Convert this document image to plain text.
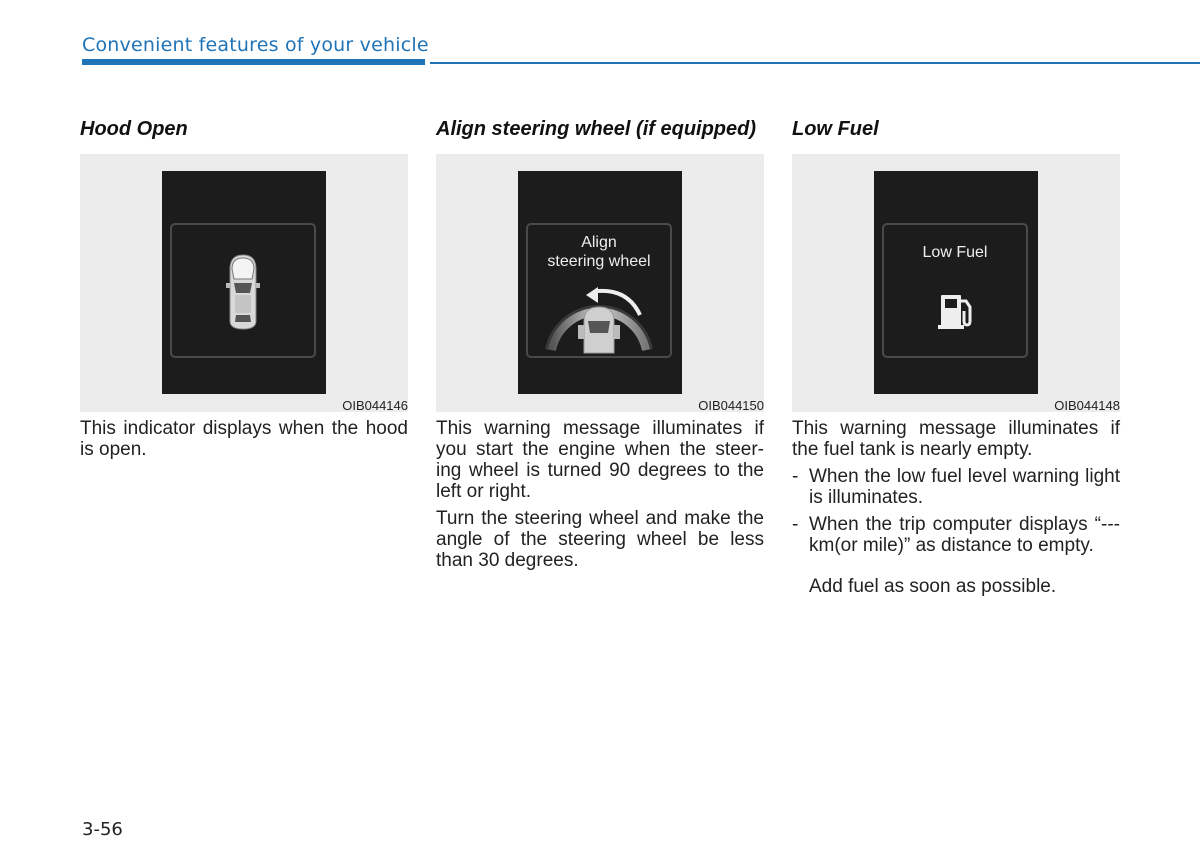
Convenient features of your vehicle
Hood Open
OIB044146

This indicator displays when the hood is open.

Align steering wheel (if equipped)
Align
steering wheel
OIB044150

This warning message illuminates if you start the engine when the steer-ing wheel is turned 90 degrees to the left or right.

Turn the steering wheel and make the angle of the steering wheel be less than 30 degrees.

Low Fuel
Low Fuel
OIB044148

This warning message illuminates if the fuel tank is nearly empty.

- When the low fuel level warning light is illuminates.
- When the trip computer displays “--- km(or mile)” as distance to empty.
Add fuel as soon as possible.
3-56
